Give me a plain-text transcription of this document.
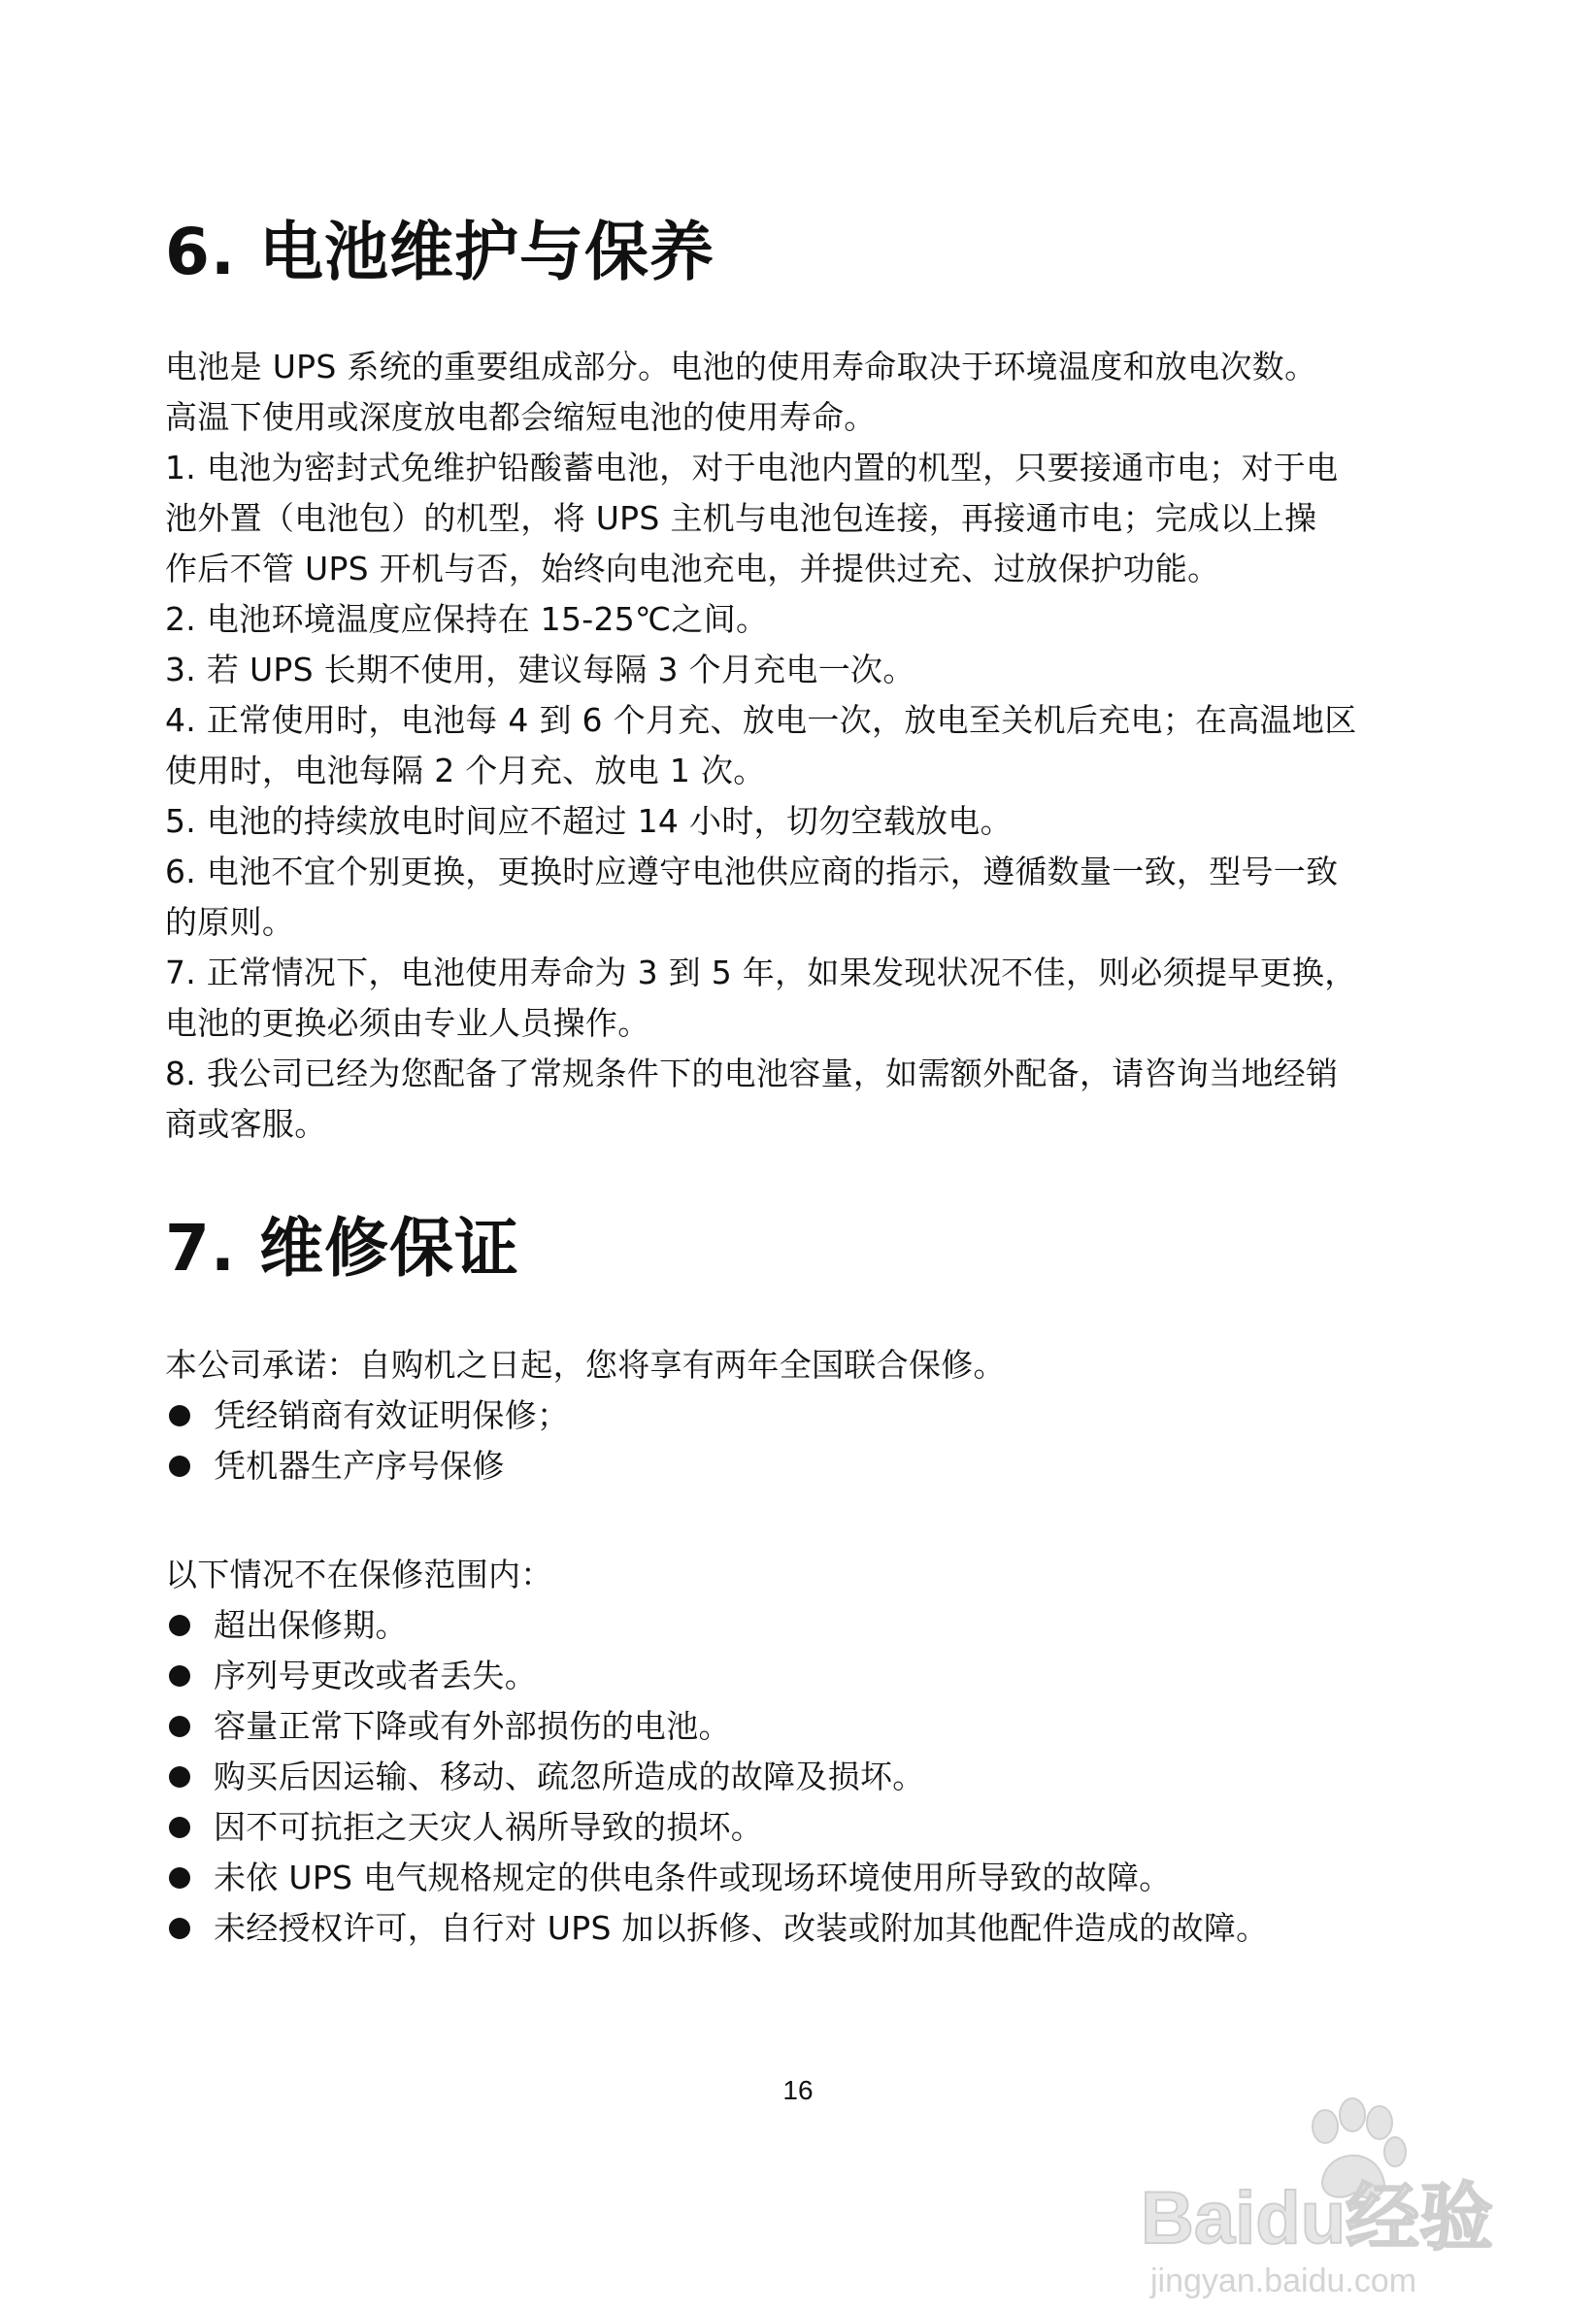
6. 电池维护与保养

电池是 UPS 系统的重要组成部分。电池的使用寿命取决于环境温度和放电次数。

高温下使用或深度放电都会缩短电池的使用寿命。

1. 电池为密封式免维护铅酸蓄电池，对于电池内置的机型，只要接通市电；对于电

池外置（电池包）的机型，将 UPS 主机与电池包连接，再接通市电；完成以上操

作后不管 UPS 开机与否，始终向电池充电，并提供过充、过放保护功能。

2. 电池环境温度应保持在 15-25℃之间。

3. 若 UPS 长期不使用，建议每隔 3 个月充电一次。

4. 正常使用时，电池每 4 到 6 个月充、放电一次，放电至关机后充电；在高温地区

使用时，电池每隔 2 个月充、放电 1 次。

5. 电池的持续放电时间应不超过 14 小时，切勿空载放电。

6. 电池不宜个别更换，更换时应遵守电池供应商的指示，遵循数量一致，型号一致

的原则。

7. 正常情况下，电池使用寿命为 3 到 5 年，如果发现状况不佳，则必须提早更换，

电池的更换必须由专业人员操作。

8. 我公司已经为您配备了常规条件下的电池容量，如需额外配备，请咨询当地经销

商或客服。

7. 维修保证

本公司承诺：自购机之日起，您将享有两年全国联合保修。

凭经销商有效证明保修；

凭机器生产序号保修

以下情况不在保修范围内：

超出保修期。

序列号更改或者丢失。

容量正常下降或有外部损伤的电池。

购买后因运输、移动、疏忽所造成的故障及损坏。

因不可抗拒之天灾人祸所导致的损坏。

未依 UPS 电气规格规定的供电条件或现场环境使用所导致的故障。

未经授权许可，自行对 UPS 加以拆修、改装或附加其他配件造成的故障。

16
Baidu经验
jingyan.baidu.com
